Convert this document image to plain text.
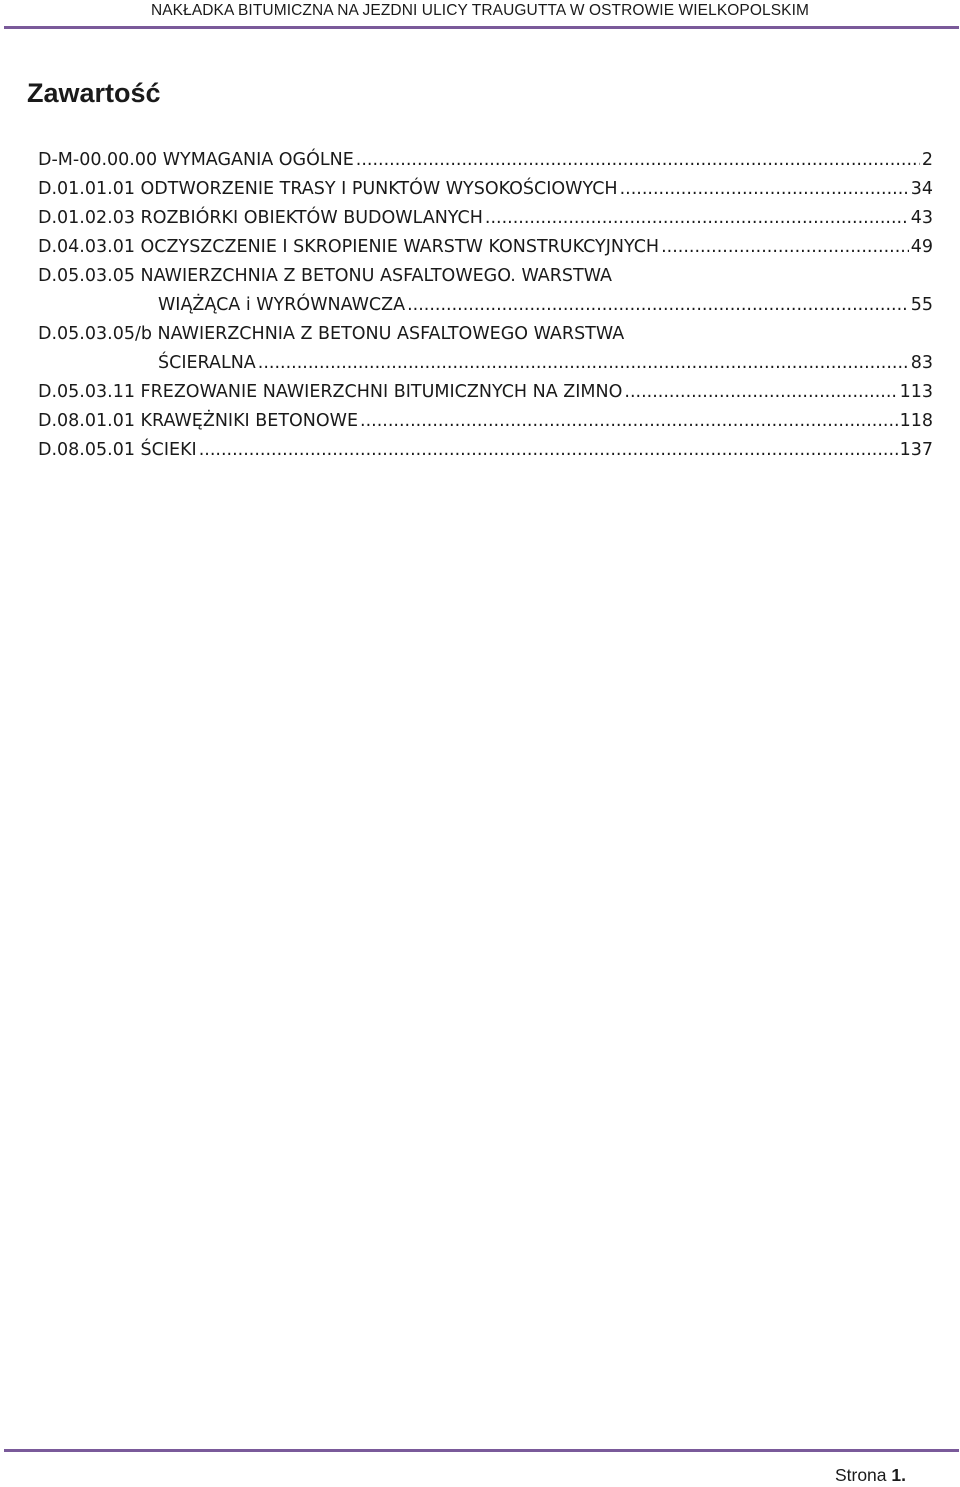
NAKŁADKA BITUMICZNA NA JEZDNI ULICY TRAUGUTTA W OSTROWIE WIELKOPOLSKIM
Zawartość
D-M-00.00.00 WYMAGANIA OGÓLNE .....	2
D.01.01.01 ODTWORZENIE TRASY I PUNKTÓW WYSOKOŚCIOWYCH .....	34
D.01.02.03 ROZBIÓRKI OBIEKTÓW BUDOWLANYCH .....	43
D.04.03.01 OCZYSZCZENIE I SKROPIENIE WARSTW KONSTRUKCYJNYCH .....	49
D.05.03.05 NAWIERZCHNIA Z BETONU ASFALTOWEGO. WARSTWA
WIĄŻĄCA i WYRÓWNAWCZA .....	55
D.05.03.05/b NAWIERZCHNIA Z BETONU ASFALTOWEGO WARSTWA
ŚCIERALNA .....	83
D.05.03.11 FREZOWANIE NAWIERZCHNI BITUMICZNYCH NA ZIMNO .....	113
D.08.01.01 KRAWĘŻNIKI BETONOWE .....	118
D.08.05.01 ŚCIEKI .....	137
Strona 1.
